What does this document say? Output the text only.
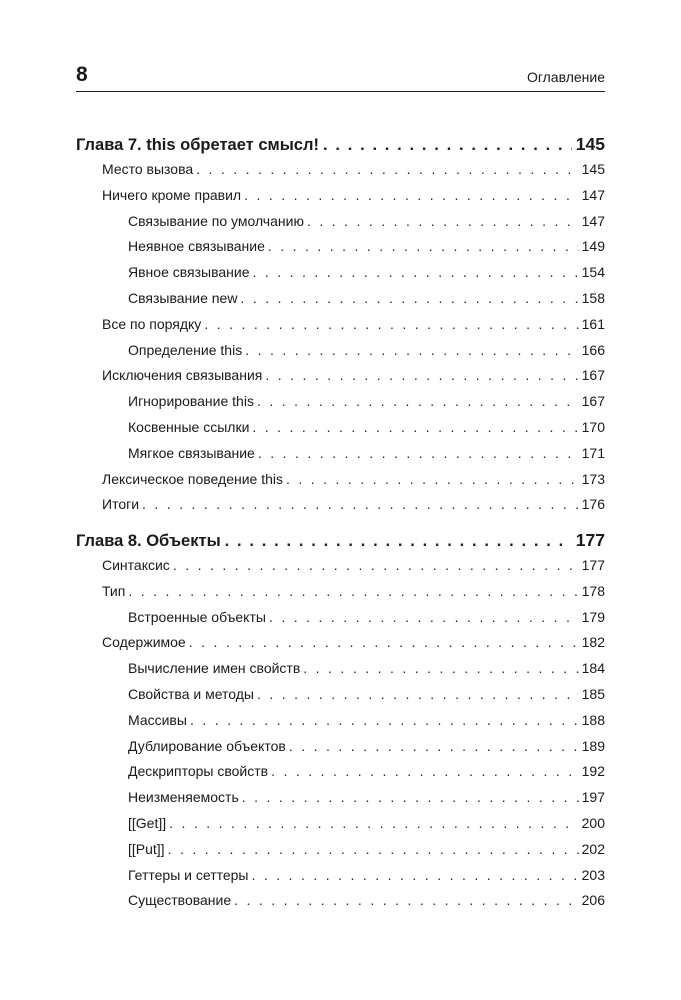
8	Оглавление
Глава 7. this обретает смысл! . . .	145
Место вызова . . .	145
Ничего кроме правил . . .	147
Связывание по умолчанию . . .	147
Неявное связывание . . .	149
Явное связывание . . .	154
Связывание new . . .	158
Все по порядку . . .	161
Определение this . . .	166
Исключения связывания . . .	167
Игнорирование this . . .	167
Косвенные ссылки . . .	170
Мягкое связывание . . .	171
Лексическое поведение this . . .	173
Итоги . . .	176
Глава 8. Объекты . . .	177
Синтаксис . . .	177
Тип . . .	178
Встроенные объекты . . .	179
Содержимое . . .	182
Вычисление имен свойств . . .	184
Свойства и методы . . .	185
Массивы . . .	188
Дублирование объектов . . .	189
Дескрипторы свойств . . .	192
Неизменяемость . . .	197
[[Get]] . . .	200
[[Put]] . . .	202
Геттеры и сеттеры . . .	203
Существование . . .	206
